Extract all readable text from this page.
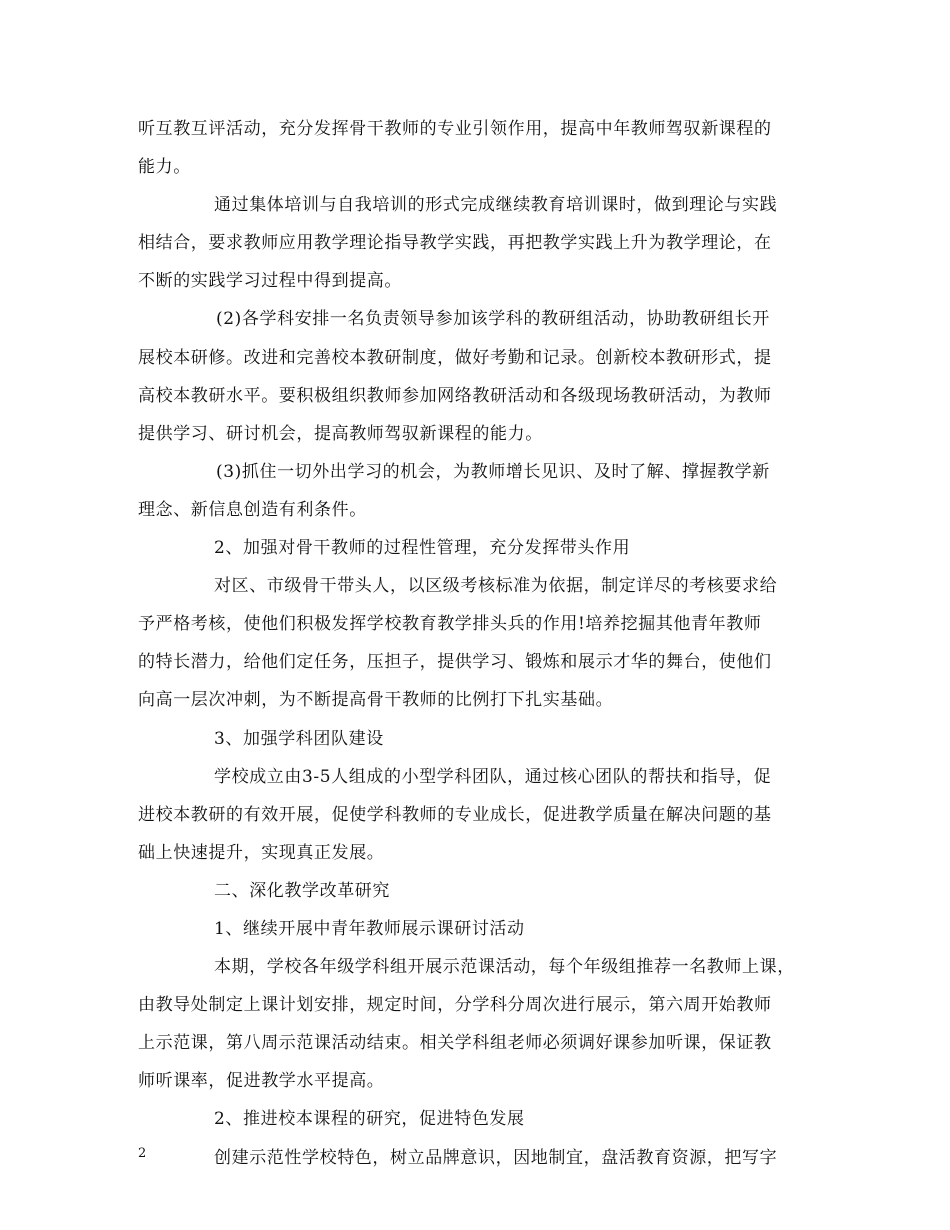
听互教互评活动，充分发挥骨干教师的专业引领作用，提高中年教师驾驭新课程的
能力。
通过集体培训与自我培训的形式完成继续教育培训课时，做到理论与实践
相结合，要求教师应用教学理论指导教学实践，再把教学实践上升为教学理论，在
不断的实践学习过程中得到提高。
(2)各学科安排一名负责领导参加该学科的教研组活动，协助教研组长开
展校本研修。改进和完善校本教研制度，做好考勤和记录。创新校本教研形式，提
高校本教研水平。要积极组织教师参加网络教研活动和各级现场教研活动，为教师
提供学习、研讨机会，提高教师驾驭新课程的能力。
(3)抓住一切外出学习的机会，为教师增长见识、及时了解、撑握教学新
理念、新信息创造有利条件。
2、加强对骨干教师的过程性管理，充分发挥带头作用
对区、市级骨干带头人，以区级考核标准为依据，制定详尽的考核要求给
予严格考核，使他们积极发挥学校教育教学排头兵的作用!培养挖掘其他青年教师
的特长潜力，给他们定任务，压担子，提供学习、锻炼和展示才华的舞台，使他们
向高一层次冲刺，为不断提高骨干教师的比例打下扎实基础。
3、加强学科团队建设
学校成立由3-5人组成的小型学科团队，通过核心团队的帮扶和指导，促
进校本教研的有效开展，促使学科教师的专业成长，促进教学质量在解决问题的基
础上快速提升，实现真正发展。
二、深化教学改革研究
1、继续开展中青年教师展示课研讨活动
本期，学校各年级学科组开展示范课活动，每个年级组推荐一名教师上课，
由教导处制定上课计划安排，规定时间，分学科分周次进行展示，第六周开始教师
上示范课，第八周示范课活动结束。相关学科组老师必须调好课参加听课，保证教
师听课率，促进教学水平提高。
2、推进校本课程的研究，促进特色发展
创建示范性学校特色，树立品牌意识，因地制宜，盘活教育资源，把写字
2
